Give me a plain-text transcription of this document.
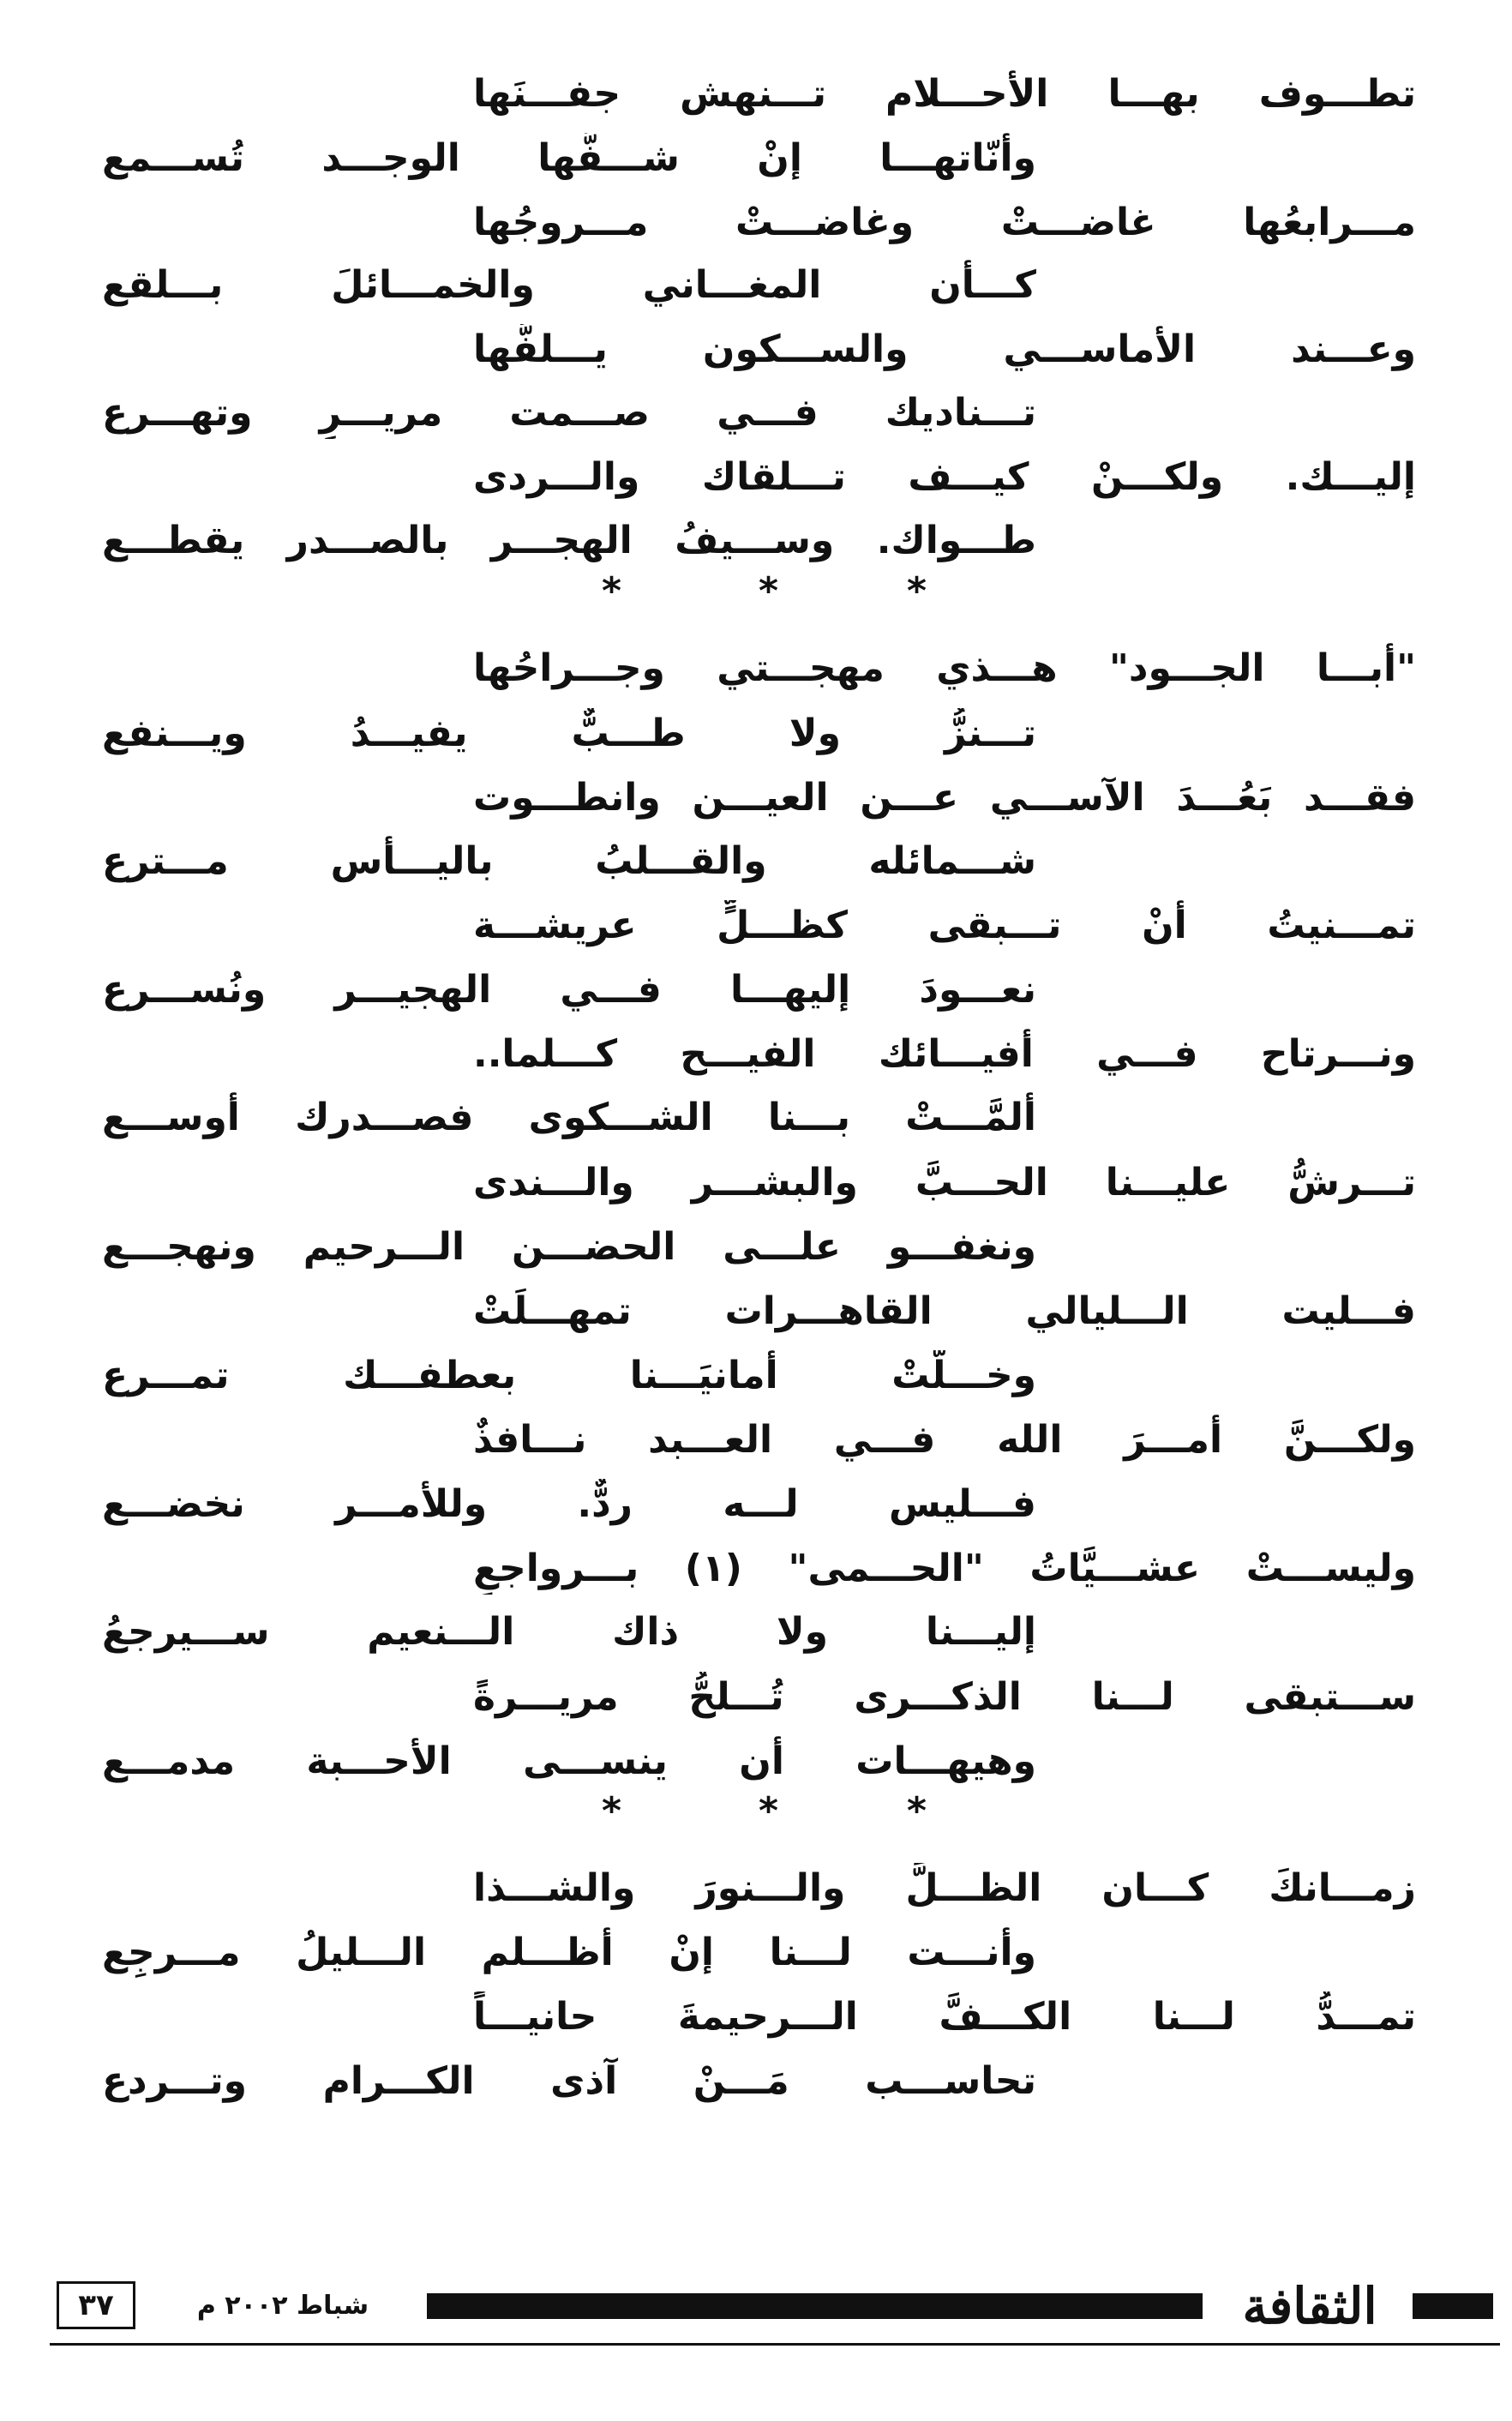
تطـــوف بهـــا الأحـــلام تـــنهش جفـــنَها
وأنّاتهـــا إنْ شـــفَّها الوجـــد تُســـمع
مـــرابعُها غاضـــتْ وغاضـــتْ مـــروجُها
كـــأن المغـــاني والخمـــائلَ بـــلقع
وعـــند الأماســـي والســـكون يـــلفُّها
تـــناديك فـــي صـــمت مريـــرٍ وتهـــرع
إليـــك. ولكـــنْ كيـــف تـــلقاك والـــردى
طـــواك. وســـيفُ الهجـــر بالصـــدر يقطـــع
*	*	*
"أبـــا الجـــود" هـــذي مهجـــتي وجـــراحُها
تـــنزُّ ولا طـــبٌّ يفيـــدُ ويـــنفع
فقـــد بَعُـــدَ الآســـي عـــن العيـــن وانطـــوت
شـــمائله والقـــلبُ باليـــأس مـــترع
تمـــنيتُ أنْ تـــبقى كظـــلٍّ عريشـــة
نعـــودَ إليهـــا فـــي الهجيـــر ونُســـرع
ونـــرتاح فـــي أفيـــائك الفيـــح كـــلما..
ألمَّـــتْ بـــنا الشـــكوى فصـــدرك أوســـع
تـــرشُّ عليـــنا الحـــبَّ والبشـــر والـــندى
ونغفـــو علـــى الحضـــن الـــرحيم ونهجـــع
فـــليت الـــليالي القاهـــرات تمهـــلَتْ
وخـــلَّتْ أمانيَـــنا بعطفـــك تمـــرع
ولكـــنَّ أمـــرَ الله فـــي العـــبد نـــافذٌ
فـــليس لـــه ردٌّ. وللأمـــر نخضـــع
وليســـتْ عشـــيَّاتُ "الحـــمى" (١) بـــرواجعٍ
إليـــنا ولا ذاك الـــنعيم ســـيرجعُ
ســـتبقى لـــنا الذكـــرى تُـــلحُّ مريـــرةً
وهيهـــات أن ينســـى الأحـــبة مدمـــع
*	*	*
زمـــانكَ كـــان الظـــلَّ والـــنورَ والشـــذا
وأنـــت لـــنا إنْ أظـــلم الـــليلُ مـــرجِع
تمـــدُّ لـــنا الكـــفَّ الـــرحيمةَ حانيـــاً
تحاســـب مَـــنْ آذى الكـــرام وتـــردع
٣٧	شباط ٢٠٠٢ م	الثقافة
